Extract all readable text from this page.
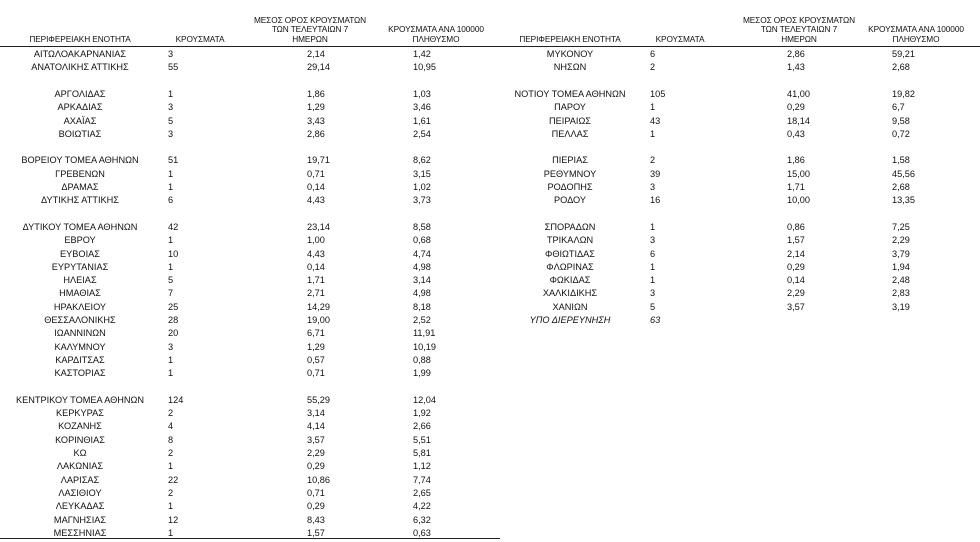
ΠΕΡΙΦΕΡΕΙΑΚΗ ΕΝΟΤΗΤΑ	ΚΡΟΥΣΜΑΤΑ
ΜΕΣΟΣ ΟΡΟΣ ΚΡΟΥΣΜΑΤΩΝ
ΤΩΝ ΤΕΛΕΥΤΑΙΩΝ 7
ΗΜΕΡΩΝ
ΚΡΟΥΣΜΑΤΑ ΑΝΑ 100000
ΠΛΗΘΥΣΜΟ
ΑΙΤΩΛΟΑΚΑΡΝΑΝΙΑΣ	3	2,14	1,42
ΑΝΑΤΟΛΙΚΗΣ ΑΤΤΙΚΗΣ	55	29,14	10,95
ΑΡΓΟΛΙΔΑΣ	1	1,86	1,03
ΑΡΚΑΔΙΑΣ	3	1,29	3,46
ΑΧΑΪΑΣ	5	3,43	1,61
ΒΟΙΩΤΙΑΣ	3	2,86	2,54
ΒΟΡΕΙΟΥ ΤΟΜΕΑ ΑΘΗΝΩΝ	51	19,71	8,62
ΓΡΕΒΕΝΩΝ	1	0,71	3,15
ΔΡΑΜΑΣ	1	0,14	1,02
ΔΥΤΙΚΗΣ ΑΤΤΙΚΗΣ	6	4,43	3,73
ΔΥΤΙΚΟΥ ΤΟΜΕΑ ΑΘΗΝΩΝ	42	23,14	8,58
ΕΒΡΟΥ	1	1,00	0,68
ΕΥΒΟΙΑΣ	10	4,43	4,74
ΕΥΡΥΤΑΝΙΑΣ	1	0,14	4,98
ΗΛΕΙΑΣ	5	1,71	3,14
ΗΜΑΘΙΑΣ	7	2,71	4,98
ΗΡΑΚΛΕΙΟΥ	25	14,29	8,18
ΘΕΣΣΑΛΟΝΙΚΗΣ	28	19,00	2,52
ΙΩΑΝΝΙΝΩΝ	20	6,71	11,91
ΚΑΛΥΜΝΟΥ	3	1,29	10,19
ΚΑΡΔΙΤΣΑΣ	1	0,57	0,88
ΚΑΣΤΟΡΙΑΣ	1	0,71	1,99
ΚΕΝΤΡΙΚΟΥ ΤΟΜΕΑ ΑΘΗΝΩΝ	124	55,29	12,04
ΚΕΡΚΥΡΑΣ	2	3,14	1,92
ΚΟΖΑΝΗΣ	4	4,14	2,66
ΚΟΡΙΝΘΙΑΣ	8	3,57	5,51
ΚΩ	2	2,29	5,81
ΛΑΚΩΝΙΑΣ	1	0,29	1,12
ΛΑΡΙΣΑΣ	22	10,86	7,74
ΛΑΣΙΘΙΟΥ	2	0,71	2,65
ΛΕΥΚΑΔΑΣ	1	0,29	4,22
ΜΑΓΝΗΣΙΑΣ	12	8,43	6,32
ΜΕΣΣΗΝΙΑΣ	1	1,57	0,63
ΠΕΡΙΦΕΡΕΙΑΚΗ ΕΝΟΤΗΤΑ	ΚΡΟΥΣΜΑΤΑ
ΜΕΣΟΣ ΟΡΟΣ ΚΡΟΥΣΜΑΤΩΝ
ΤΩΝ ΤΕΛΕΥΤΑΙΩΝ 7
ΗΜΕΡΩΝ
ΚΡΟΥΣΜΑΤΑ ΑΝΑ 100000
ΠΛΗΘΥΣΜΟ
ΜΥΚΟΝΟΥ	6	2,86	59,21
ΝΗΣΩΝ	2	1,43	2,68
ΝΟΤΙΟΥ ΤΟΜΕΑ ΑΘΗΝΩΝ	105	41,00	19,82
ΠΑΡΟΥ	1	0,29	6,7
ΠΕΙΡΑΙΩΣ	43	18,14	9,58
ΠΕΛΛΑΣ	1	0,43	0,72
ΠΙΕΡΙΑΣ	2	1,86	1,58
ΡΕΘΥΜΝΟΥ	39	15,00	45,56
ΡΟΔΟΠΗΣ	3	1,71	2,68
ΡΟΔΟΥ	16	10,00	13,35
ΣΠΟΡΑΔΩΝ	1	0,86	7,25
ΤΡΙΚΑΛΩΝ	3	1,57	2,29
ΦΘΙΩΤΙΔΑΣ	6	2,14	3,79
ΦΛΩΡΙΝΑΣ	1	0,29	1,94
ΦΩΚΙΔΑΣ	1	0,14	2,48
ΧΑΛΚΙΔΙΚΗΣ	3	2,29	2,83
ΧΑΝΙΩΝ	5	3,57	3,19
ΥΠΟ ΔΙΕΡΕΥΝΗΣΗ	63
